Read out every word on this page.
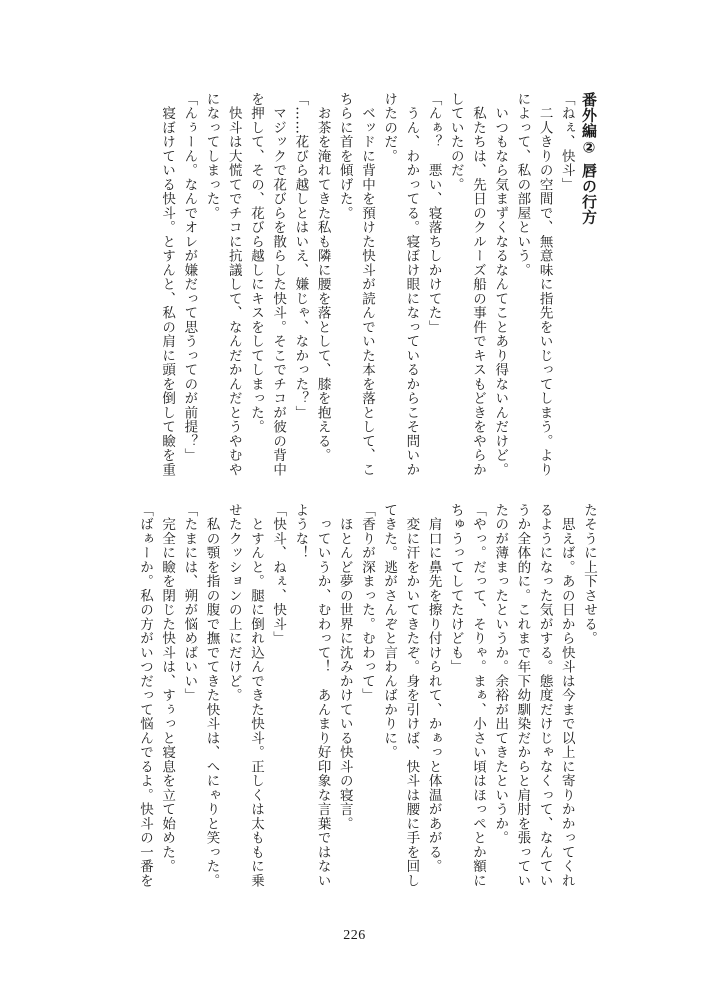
番外編② 唇の行方
「ねぇ、快斗」
　二人きりの空間で、無意味に指先をいじってしまう。より
によって、私の部屋という。
　いつもなら気まずくなるなんてことあり得ないんだけど。
　私たちは、先日のクルーズ船の事件でキスもどきをやらか
していたのだ。
「んぁ？　悪い、寝落ちしかけてた」
　うん、わかってる。寝ぼけ眼になっているからこそ問いか
けたのだ。
　ベッドに背中を預けた快斗が読んでいた本を落として、こ
ちらに首を傾げた。
　お茶を淹れてきた私も隣に腰を落として、膝を抱える。
「……花びら越しとはいえ、嫌じゃ、なかった？」
　マジックで花びらを散らした快斗。そこでチコが彼の背中
を押して、その、花びら越しにキスをしてしまった。
　快斗は大慌てでチコに抗議して、なんだかんだとうやむや
になってしまった。
「んぅーん。なんでオレが嫌だって思うってのが前提？」
　寝ぼけている快斗。とすんと、私の肩に頭を倒して瞼を重
たそうに上下させる。
　思えば。あの日から快斗は今まで以上に寄りかかってくれ
るようになった気がする。態度だけじゃなくって、なんてい
うか全体的に。これまで年下幼馴染だからと肩肘を張ってい
たのが薄まったというか。余裕が出てきたというか。
「やっ。だって、そりゃ。まぁ、小さい頃はほっぺとか額に
ちゅうってしてたけども」
　肩口に鼻先を擦り付けられて、かぁっと体温があがる。
　変に汗をかいてきたぞ。身を引けば、快斗は腰に手を回し
てきた。逃がさんぞと言わんばかりに。
「香りが深まった。むわって」
　ほとんど夢の世界に沈みかけている快斗の寝言。
　っていうか、むわって！　あんまり好印象な言葉ではない
ような！
「快斗、ねぇ、快斗」
　とすんと。腿に倒れ込んできた快斗。正しくは太ももに乗
せたクッションの上にだけど。
　私の顎を指の腹で撫でてきた快斗は、へにゃりと笑った。
「たまには、朔が悩めばいい」
　完全に瞼を閉じた快斗は、すぅっと寝息を立て始めた。
「ばぁーか。私の方がいつだって悩んでるよ。快斗の一番を
226
